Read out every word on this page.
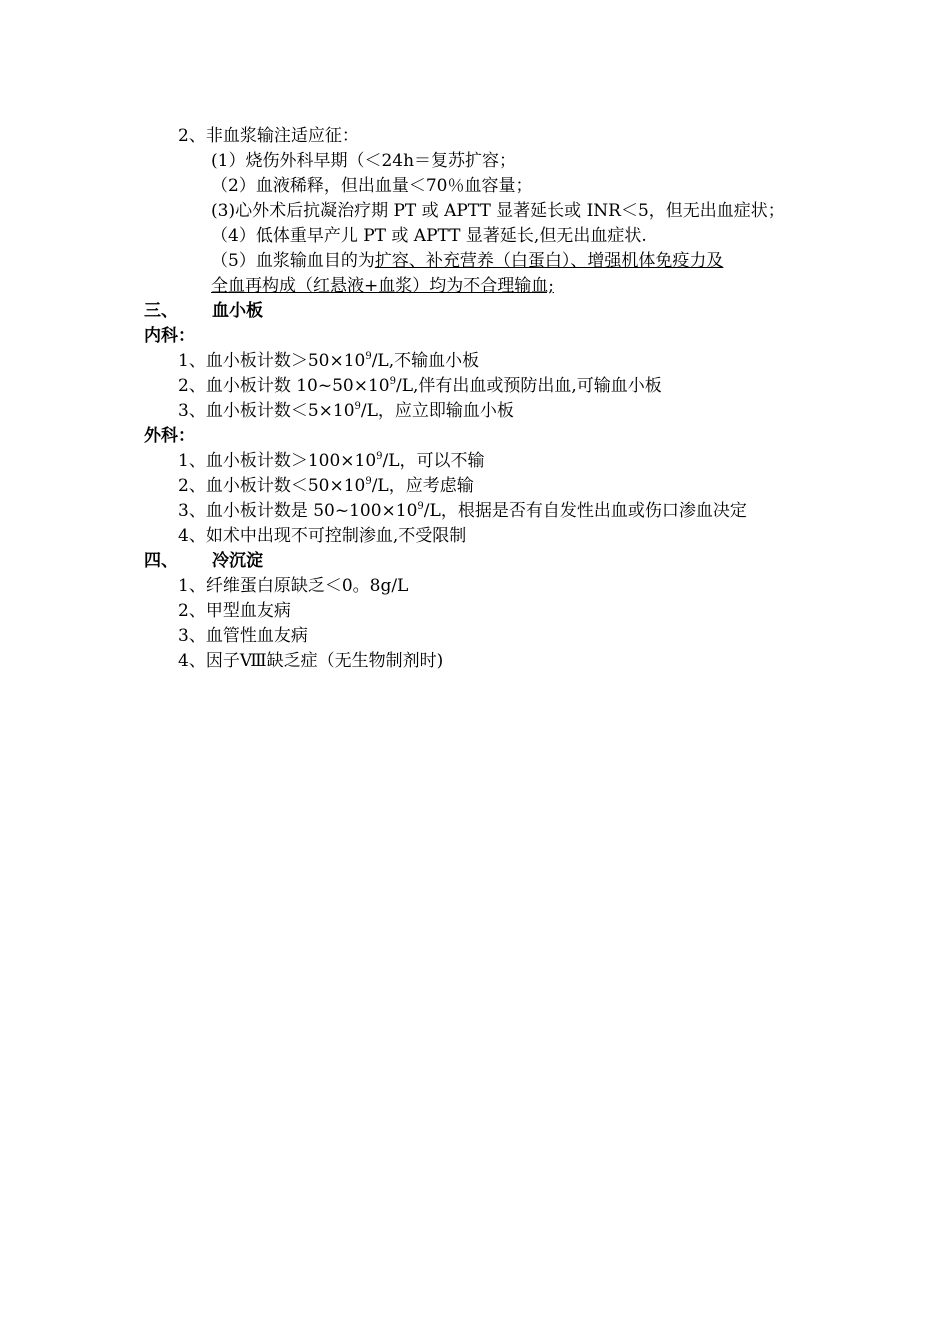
2、非血浆输注适应征：
(1）烧伤外科早期（＜24h＝复苏扩容；
（2）血液稀释，但出血量＜70％血容量；
(3)心外术后抗凝治疗期 PT 或 APTT 显著延长或 INR＜5，但无出血症状；
（4）低体重早产儿 PT 或 APTT 显著延长,但无出血症状.
（5）血浆输血目的为扩容、补充营养（白蛋白）、增强机体免疫力及
全血再构成（红悬液+血浆）均为不合理输血;
三、 血小板
内科：
1、血小板计数$>50\times 10^9/L$,不输血小板
2、血小板计数 $10\sim 50\times 10^9/L$,伴有出血或预防出血,可输血小板
3、血小板计数$<5\times 10^9/L$，应立即输血小板
外科：
1、血小板计数$>100\times 10^9/L$，可以不输
2、血小板计数$<50\times 10^9/L$，应考虑输
3、血小板计数是 $50\sim 100\times 10^9/L$，根据是否有自发性出血或伤口渗血决定
4、如术中出现不可控制渗血,不受限制
四、 冷沉淀
1、纤维蛋白原缺乏＜0。8g/L
2、甲型血友病
3、血管性血友病
4、因子Ⅷ缺乏症（无生物制剂时)
